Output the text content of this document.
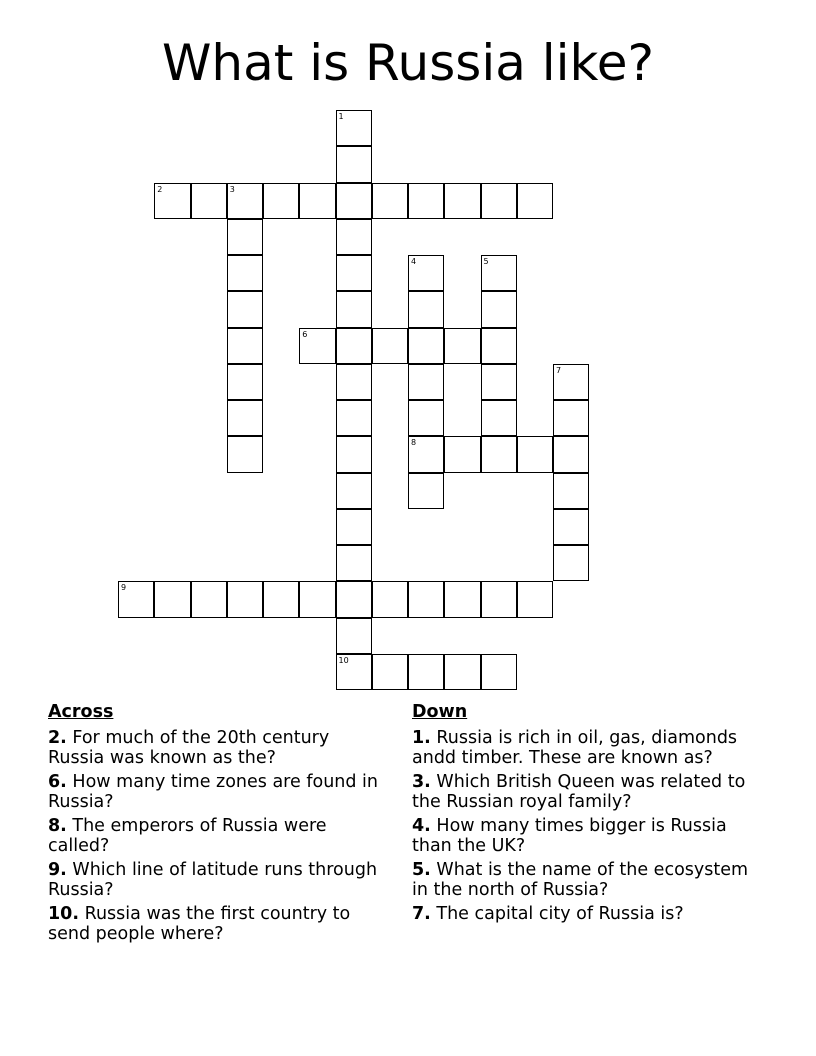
What is Russia like?
1
10
2	3
4
8
5
6
7
9
Across
2. For much of the 20th century Russia was known as the?
6. How many time zones are found in Russia?
8. The emperors of Russia were called?
9. Which line of latitude runs through Russia?
10. Russia was the first country to send people where?
Down
1. Russia is rich in oil, gas, diamonds andd timber. These are known as?
3. Which British Queen was related to the Russian royal family?
4. How many times bigger is Russia than the UK?
5. What is the name of the ecosystem in the north of Russia?
7. The capital city of Russia is?
